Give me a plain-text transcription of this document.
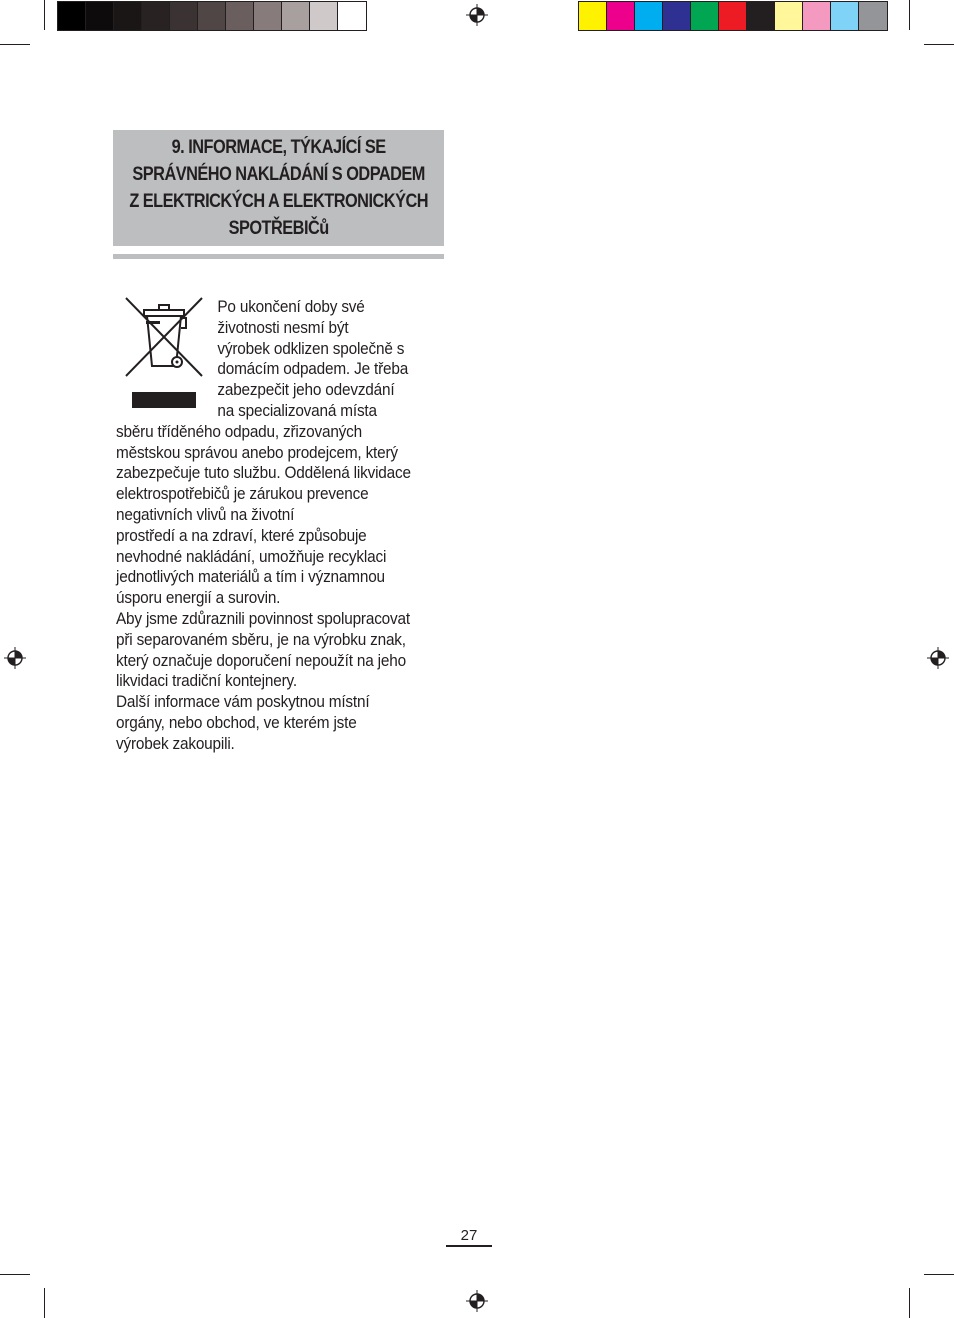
9. INFORMACE, TÝKAJÍCÍ SE
SPRÁVNÉHO NAKLÁDÁNÍ S ODPADEM
Z ELEKTRICKÝCH A ELEKTRONICKÝCH
SPOTŘEBIČů
Po ukončení doby své
životnosti nesmí být
výrobek odklizen společně s
domácím odpadem. Je třeba
zabezpečit jeho odevzdání
na specializovaná místa
sběru tříděného odpadu, zřizovaných
městskou správou anebo prodejcem, který
zabezpečuje tuto službu. Oddělená likvidace
elektrospotřebičů je zárukou prevence
negativních vlivů na životní
prostředí a na zdraví, které způsobuje
nevhodné nakládání, umožňuje recyklaci
jednotlivých materiálů a tím i významnou
úsporu energií a surovin.
Aby jsme zdůraznili povinnost spolupracovat
při separovaném sběru, je na výrobku znak,
který označuje doporučení nepoužít na jeho
likvidaci tradiční kontejnery.
Další informace vám poskytnou místní
orgány, nebo obchod, ve kterém jste
výrobek zakoupili.
27
